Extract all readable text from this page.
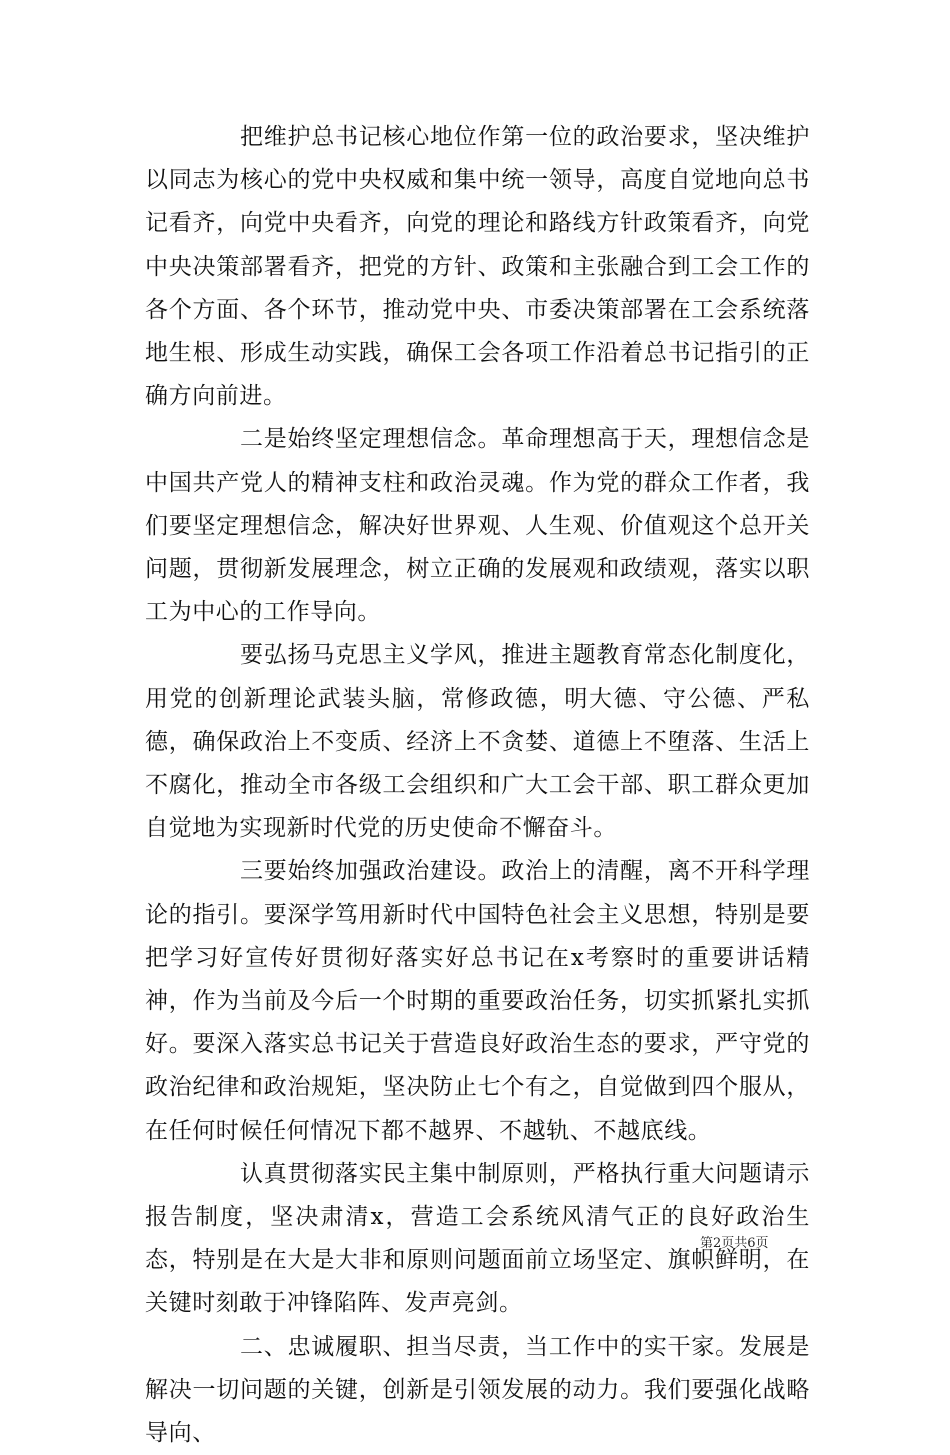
把维护总书记核心地位作第一位的政治要求，坚决维护以同志为核心的党中央权威和集中统一领导，高度自觉地向总书记看齐，向党中央看齐，向党的理论和路线方针政策看齐，向党中央决策部署看齐，把党的方针、政策和主张融合到工会工作的各个方面、各个环节，推动党中央、市委决策部署在工会系统落地生根、形成生动实践，确保工会各项工作沿着总书记指引的正确方向前进。

二是始终坚定理想信念。革命理想高于天，理想信念是中国共产党人的精神支柱和政治灵魂。作为党的群众工作者，我们要坚定理想信念，解决好世界观、人生观、价值观这个总开关问题，贯彻新发展理念，树立正确的发展观和政绩观，落实以职工为中心的工作导向。

要弘扬马克思主义学风，推进主题教育常态化制度化，用党的创新理论武装头脑，常修政德，明大德、守公德、严私德，确保政治上不变质、经济上不贪婪、道德上不堕落、生活上不腐化，推动全市各级工会组织和广大工会干部、职工群众更加自觉地为实现新时代党的历史使命不懈奋斗。

三要始终加强政治建设。政治上的清醒，离不开科学理论的指引。要深学笃用新时代中国特色社会主义思想，特别是要把学习好宣传好贯彻好落实好总书记在x考察时的重要讲话精神，作为当前及今后一个时期的重要政治任务，切实抓紧扎实抓好。要深入落实总书记关于营造良好政治生态的要求，严守党的政治纪律和政治规矩，坚决防止七个有之，自觉做到四个服从，在任何时候任何情况下都不越界、不越轨、不越底线。

认真贯彻落实民主集中制原则，严格执行重大问题请示报告制度，坚决肃清x，营造工会系统风清气正的良好政治生态，特别是在大是大非和原则问题面前立场坚定、旗帜鲜明，在关键时刻敢于冲锋陷阵、发声亮剑。

二、忠诚履职、担当尽责，当工作中的实干家。发展是解决一切问题的关键，创新是引领发展的动力。我们要强化战略导向、

第2页共6页
